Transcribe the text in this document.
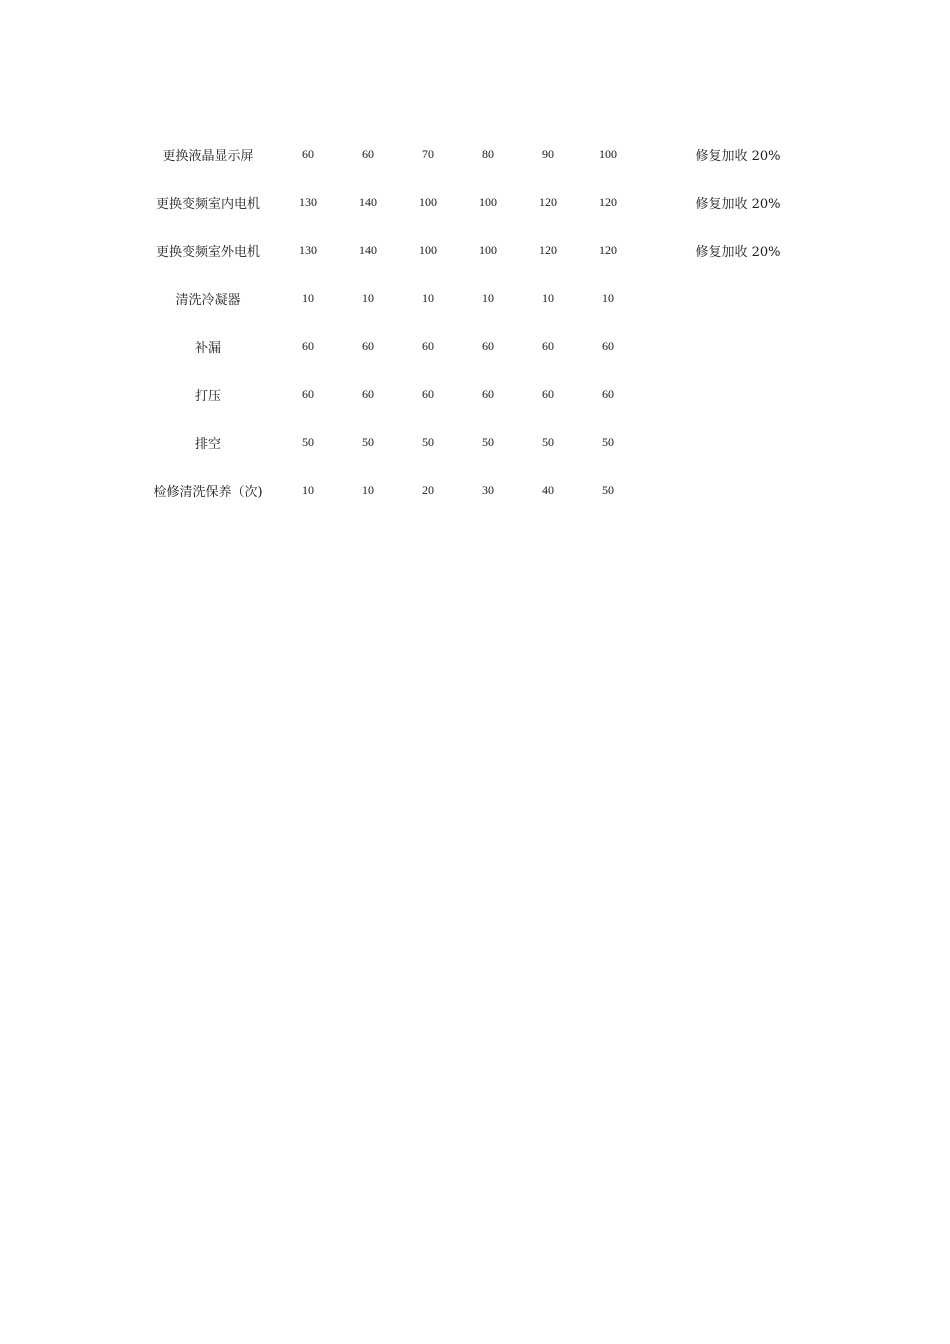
更换液晶显示屏	60	60	70	80	90	100		修复加收 20%
更换变频室内电机	130	140	100	100	120	120		修复加收 20%
更换变频室外电机	130	140	100	100	120	120		修复加收 20%
清洗冷凝器	10	10	10	10	10	10		
补漏	60	60	60	60	60	60		
打压	60	60	60	60	60	60		
排空	50	50	50	50	50	50		
检修清洗保养（次)	10	10	20	30	40	50		
